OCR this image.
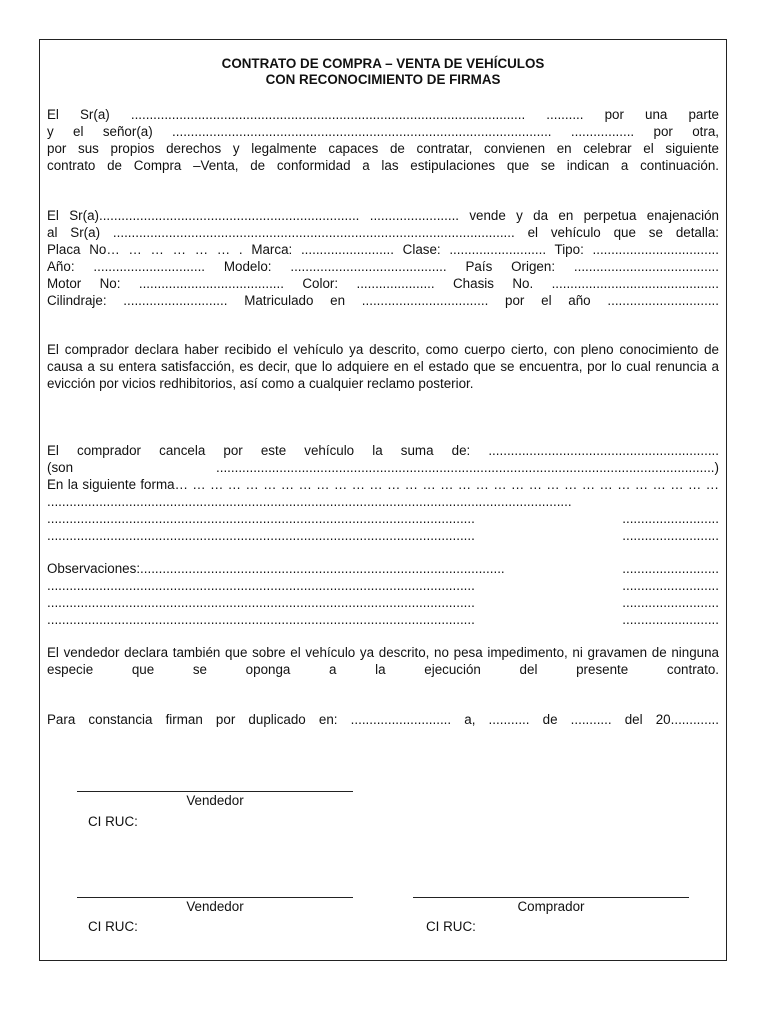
CONTRATO DE COMPRA – VENTA DE VEHÍCULOS
CON RECONOCIMIENTO DE FIRMAS
El Sr(a) .......................................................................................................... .......... por una parte
y el señor(a) ...................................................................................................... ................. por otra,
por sus propios derechos y legalmente capaces de contratar, convienen en celebrar el siguiente
contrato de Compra –Venta, de conformidad a las estipulaciones que se indican a continuación.
El Sr(a)...................................................................... ........................ vende y da en perpetua enajenación
al Sr(a) ............................................................................................................ el vehículo que se detalla:
Placa No… … … … … … . Marca: ......................... Clase: .......................... Tipo: ..................................
Año: .............................. Modelo: .......................................... País Origen: .......................................
Motor No: ....................................... Color: ..................... Chasis No. .............................................
Cilindraje: ............................ Matriculado en .................................. por el año ..............................
El comprador declara haber recibido el vehículo ya descrito, como cuerpo cierto, con pleno conocimiento de causa a su entera satisfacción, es decir, que lo adquiere en el estado que se encuentra, por lo cual renuncia a evicción por vicios redhibitorios, así como a cualquier reclamo posterior.
El comprador cancela por este vehículo la suma de: ..............................................................
(son ......................................................................................................................................)
En la siguiente forma… … … … … … … … … … … … … … … … … … … … … … … … … … … … … … …
.............................................................................................................................................
................................................................................................................... ..........................
................................................................................................................... ..........................
Observaciones:.................................................................................................. ..........................
................................................................................................................... ..........................
................................................................................................................... ..........................
................................................................................................................... ..........................
El vendedor declara también que sobre el vehículo ya descrito, no pesa impedimento, ni gravamen de ninguna especie que se oponga a la ejecución del presente contrato.
Para constancia firman por duplicado en: ........................... a, ........... de ........... del 20.............
Vendedor
CI RUC:
Vendedor
CI RUC:
Comprador
CI RUC:
